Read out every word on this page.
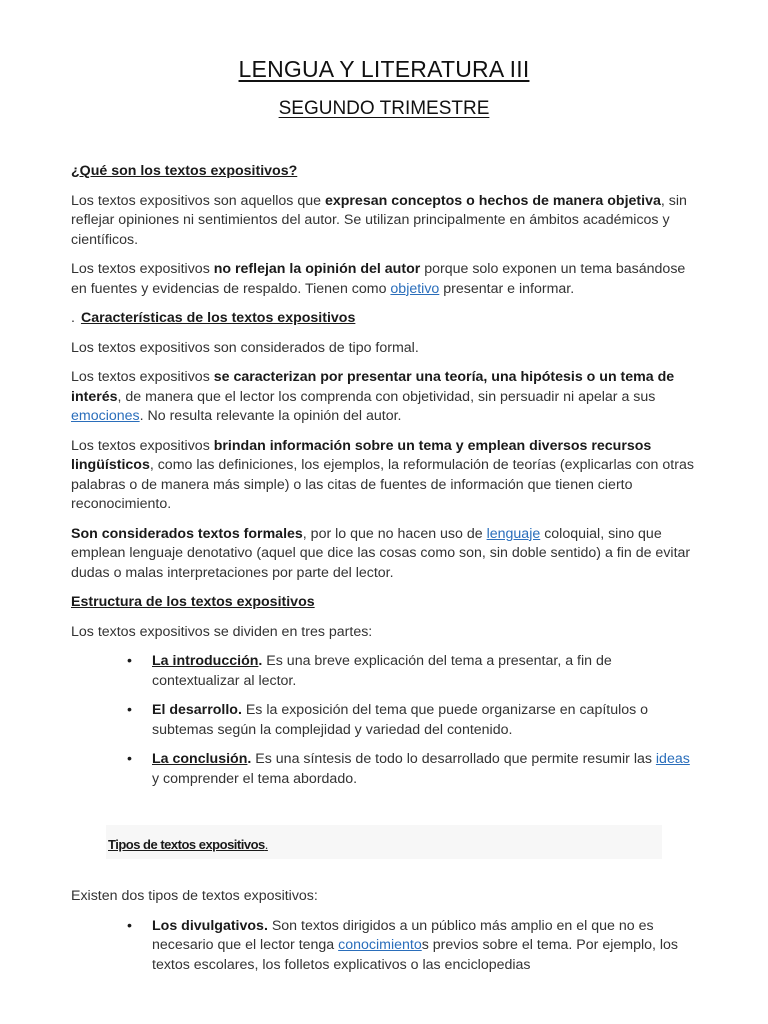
LENGUA Y LITERATURA III
SEGUNDO TRIMESTRE
¿Qué son los textos expositivos?

Los textos expositivos son aquellos que expresan conceptos o hechos de manera objetiva, sin reflejar opiniones ni sentimientos del autor. Se utilizan principalmente en ámbitos académicos y científicos.

Los textos expositivos no reflejan la opinión del autor porque solo exponen un tema basándose en fuentes y evidencias de respaldo. Tienen como objetivo presentar e informar.

. Características de los textos expositivos

Los textos expositivos son considerados de tipo formal.

Los textos expositivos se caracterizan por presentar una teoría, una hipótesis o un tema de interés, de manera que el lector los comprenda con objetividad, sin persuadir ni apelar a sus emociones. No resulta relevante la opinión del autor.

Los textos expositivos brindan información sobre un tema y emplean diversos recursos lingüísticos, como las definiciones, los ejemplos, la reformulación de teorías (explicarlas con otras palabras o de manera más simple) o las citas de fuentes de información que tienen cierto reconocimiento.

Son considerados textos formales, por lo que no hacen uso de lenguaje coloquial, sino que emplean lenguaje denotativo (aquel que dice las cosas como son, sin doble sentido) a fin de evitar dudas o malas interpretaciones por parte del lector.

Estructura de los textos expositivos

Los textos expositivos se dividen en tres partes:

• La introducción. Es una breve explicación del tema a presentar, a fin de contextualizar al lector.
• El desarrollo. Es la exposición del tema que puede organizarse en capítulos o subtemas según la complejidad y variedad del contenido.
• La conclusión. Es una síntesis de todo lo desarrollado que permite resumir las ideas y comprender el tema abordado.
Tipos de textos expositivos.

Existen dos tipos de textos expositivos:

• Los divulgativos. Son textos dirigidos a un público más amplio en el que no es necesario que el lector tenga conocimientos previos sobre el tema. Por ejemplo, los textos escolares, los folletos explicativos o las enciclopedias
